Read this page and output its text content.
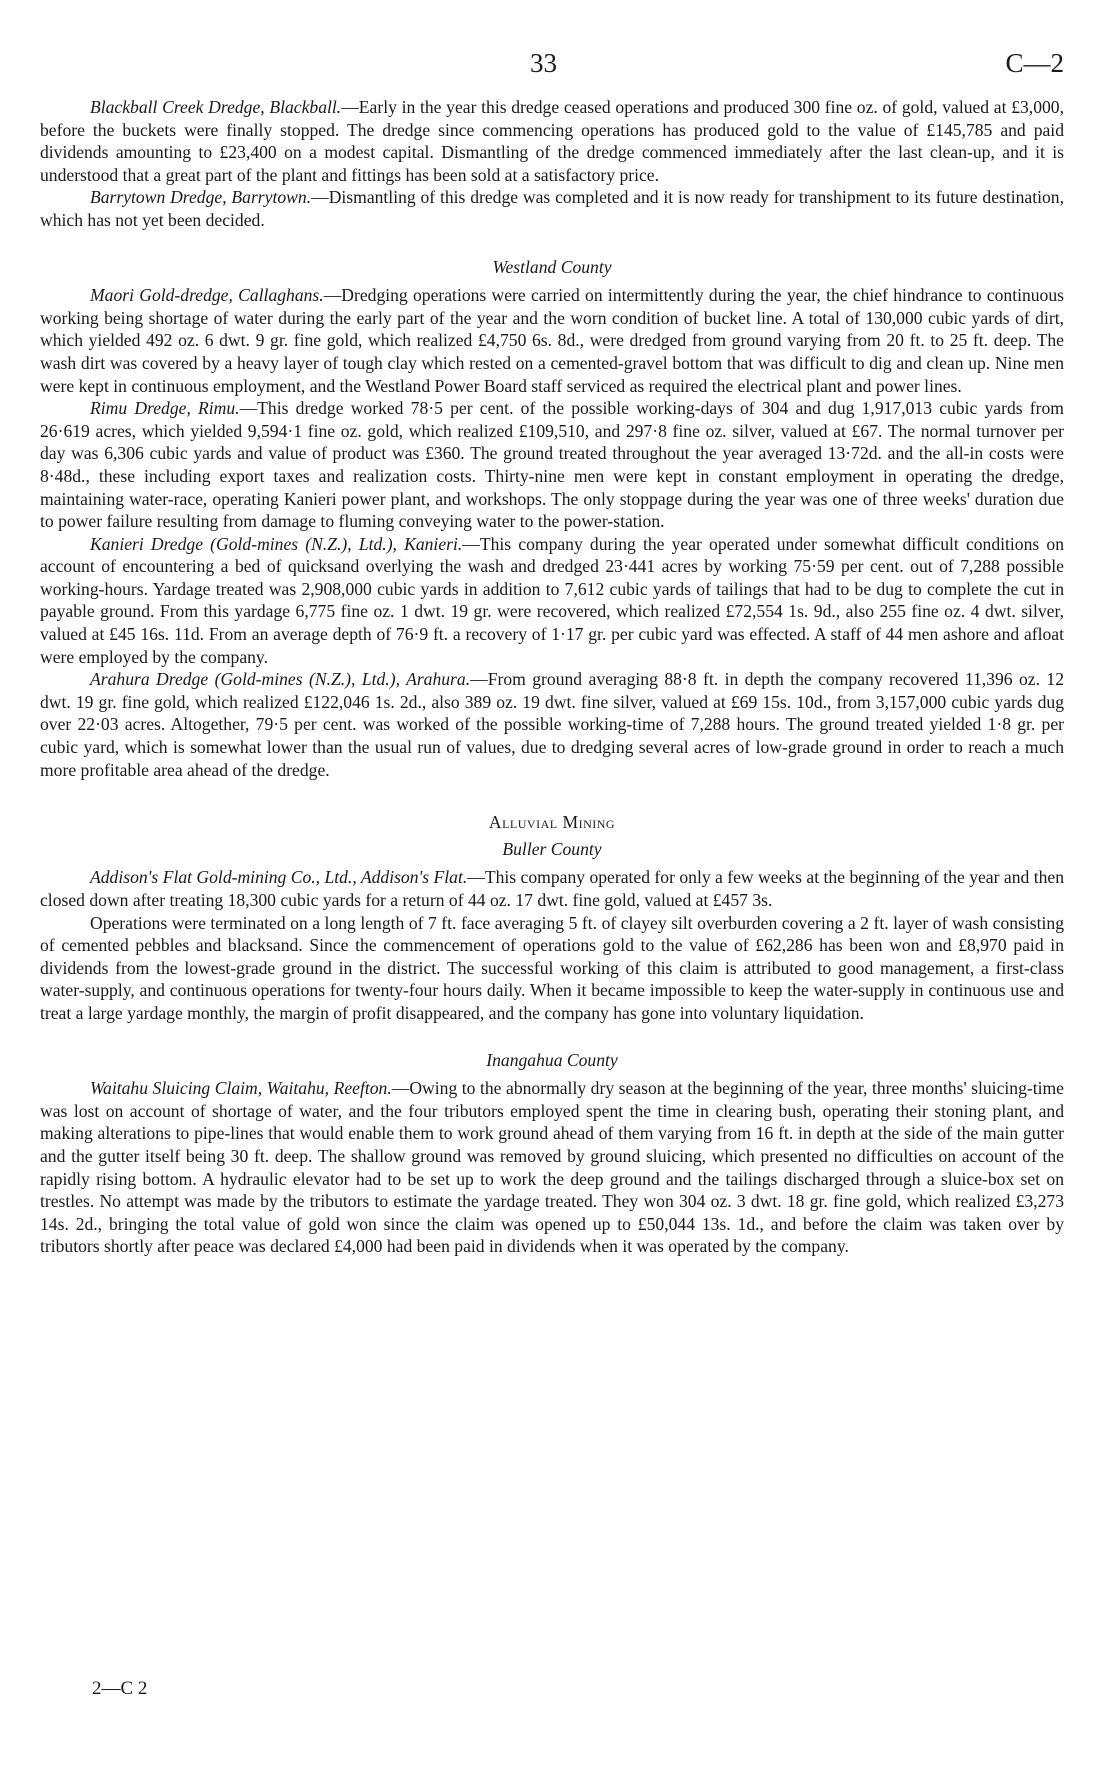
33	C—2

Blackball Creek Dredge, Blackball.—Early in the year this dredge ceased operations and produced 300 fine oz. of gold, valued at £3,000, before the buckets were finally stopped. The dredge since commencing operations has produced gold to the value of £145,785 and paid dividends amounting to £23,400 on a modest capital. Dismantling of the dredge commenced immediately after the last clean-up, and it is understood that a great part of the plant and fittings has been sold at a satisfactory price.

Barrytown Dredge, Barrytown.—Dismantling of this dredge was completed and it is now ready for transhipment to its future destination, which has not yet been decided.

Westland County

Maori Gold-dredge, Callaghans.—Dredging operations were carried on intermittently during the year, the chief hindrance to continuous working being shortage of water during the early part of the year and the worn condition of bucket line. A total of 130,000 cubic yards of dirt, which yielded 492 oz. 6 dwt. 9 gr. fine gold, which realized £4,750 6s. 8d., were dredged from ground varying from 20 ft. to 25 ft. deep. The wash dirt was covered by a heavy layer of tough clay which rested on a cemented-gravel bottom that was difficult to dig and clean up. Nine men were kept in continuous employment, and the Westland Power Board staff serviced as required the electrical plant and power lines.

Rimu Dredge, Rimu.—This dredge worked 78·5 per cent. of the possible working-days of 304 and dug 1,917,013 cubic yards from 26·619 acres, which yielded 9,594·1 fine oz. gold, which realized £109,510, and 297·8 fine oz. silver, valued at £67. The normal turnover per day was 6,306 cubic yards and value of product was £360. The ground treated throughout the year averaged 13·72d. and the all-in costs were 8·48d., these including export taxes and realization costs. Thirty-nine men were kept in constant employment in operating the dredge, maintaining water-race, operating Kanieri power plant, and workshops. The only stoppage during the year was one of three weeks' duration due to power failure resulting from damage to fluming conveying water to the power-station.

Kanieri Dredge (Gold-mines (N.Z.), Ltd.), Kanieri.—This company during the year operated under somewhat difficult conditions on account of encountering a bed of quicksand overlying the wash and dredged 23·441 acres by working 75·59 per cent. out of 7,288 possible working-hours. Yardage treated was 2,908,000 cubic yards in addition to 7,612 cubic yards of tailings that had to be dug to complete the cut in payable ground. From this yardage 6,775 fine oz. 1 dwt. 19 gr. were recovered, which realized £72,554 1s. 9d., also 255 fine oz. 4 dwt. silver, valued at £45 16s. 11d. From an average depth of 76·9 ft. a recovery of 1·17 gr. per cubic yard was effected. A staff of 44 men ashore and afloat were employed by the company.

Arahura Dredge (Gold-mines (N.Z.), Ltd.), Arahura.—From ground averaging 88·8 ft. in depth the company recovered 11,396 oz. 12 dwt. 19 gr. fine gold, which realized £122,046 1s. 2d., also 389 oz. 19 dwt. fine silver, valued at £69 15s. 10d., from 3,157,000 cubic yards dug over 22·03 acres. Altogether, 79·5 per cent. was worked of the possible working-time of 7,288 hours. The ground treated yielded 1·8 gr. per cubic yard, which is somewhat lower than the usual run of values, due to dredging several acres of low-grade ground in order to reach a much more profitable area ahead of the dredge.

Alluvial Mining
Buller County

Addison's Flat Gold-mining Co., Ltd., Addison's Flat.—This company operated for only a few weeks at the beginning of the year and then closed down after treating 18,300 cubic yards for a return of 44 oz. 17 dwt. fine gold, valued at £457 3s.

Operations were terminated on a long length of 7 ft. face averaging 5 ft. of clayey silt overburden covering a 2 ft. layer of wash consisting of cemented pebbles and blacksand. Since the commencement of operations gold to the value of £62,286 has been won and £8,970 paid in dividends from the lowest-grade ground in the district. The successful working of this claim is attributed to good management, a first-class water-supply, and continuous operations for twenty-four hours daily. When it became impossible to keep the water-supply in continuous use and treat a large yardage monthly, the margin of profit disappeared, and the company has gone into voluntary liquidation.

Inangahua County

Waitahu Sluicing Claim, Waitahu, Reefton.—Owing to the abnormally dry season at the beginning of the year, three months' sluicing-time was lost on account of shortage of water, and the four tributors employed spent the time in clearing bush, operating their stoning plant, and making alterations to pipe-lines that would enable them to work ground ahead of them varying from 16 ft. in depth at the side of the main gutter and the gutter itself being 30 ft. deep. The shallow ground was removed by ground sluicing, which presented no difficulties on account of the rapidly rising bottom. A hydraulic elevator had to be set up to work the deep ground and the tailings discharged through a sluice-box set on trestles. No attempt was made by the tributors to estimate the yardage treated. They won 304 oz. 3 dwt. 18 gr. fine gold, which realized £3,273 14s. 2d., bringing the total value of gold won since the claim was opened up to £50,044 13s. 1d., and before the claim was taken over by tributors shortly after peace was declared £4,000 had been paid in dividends when it was operated by the company.

2—C 2
